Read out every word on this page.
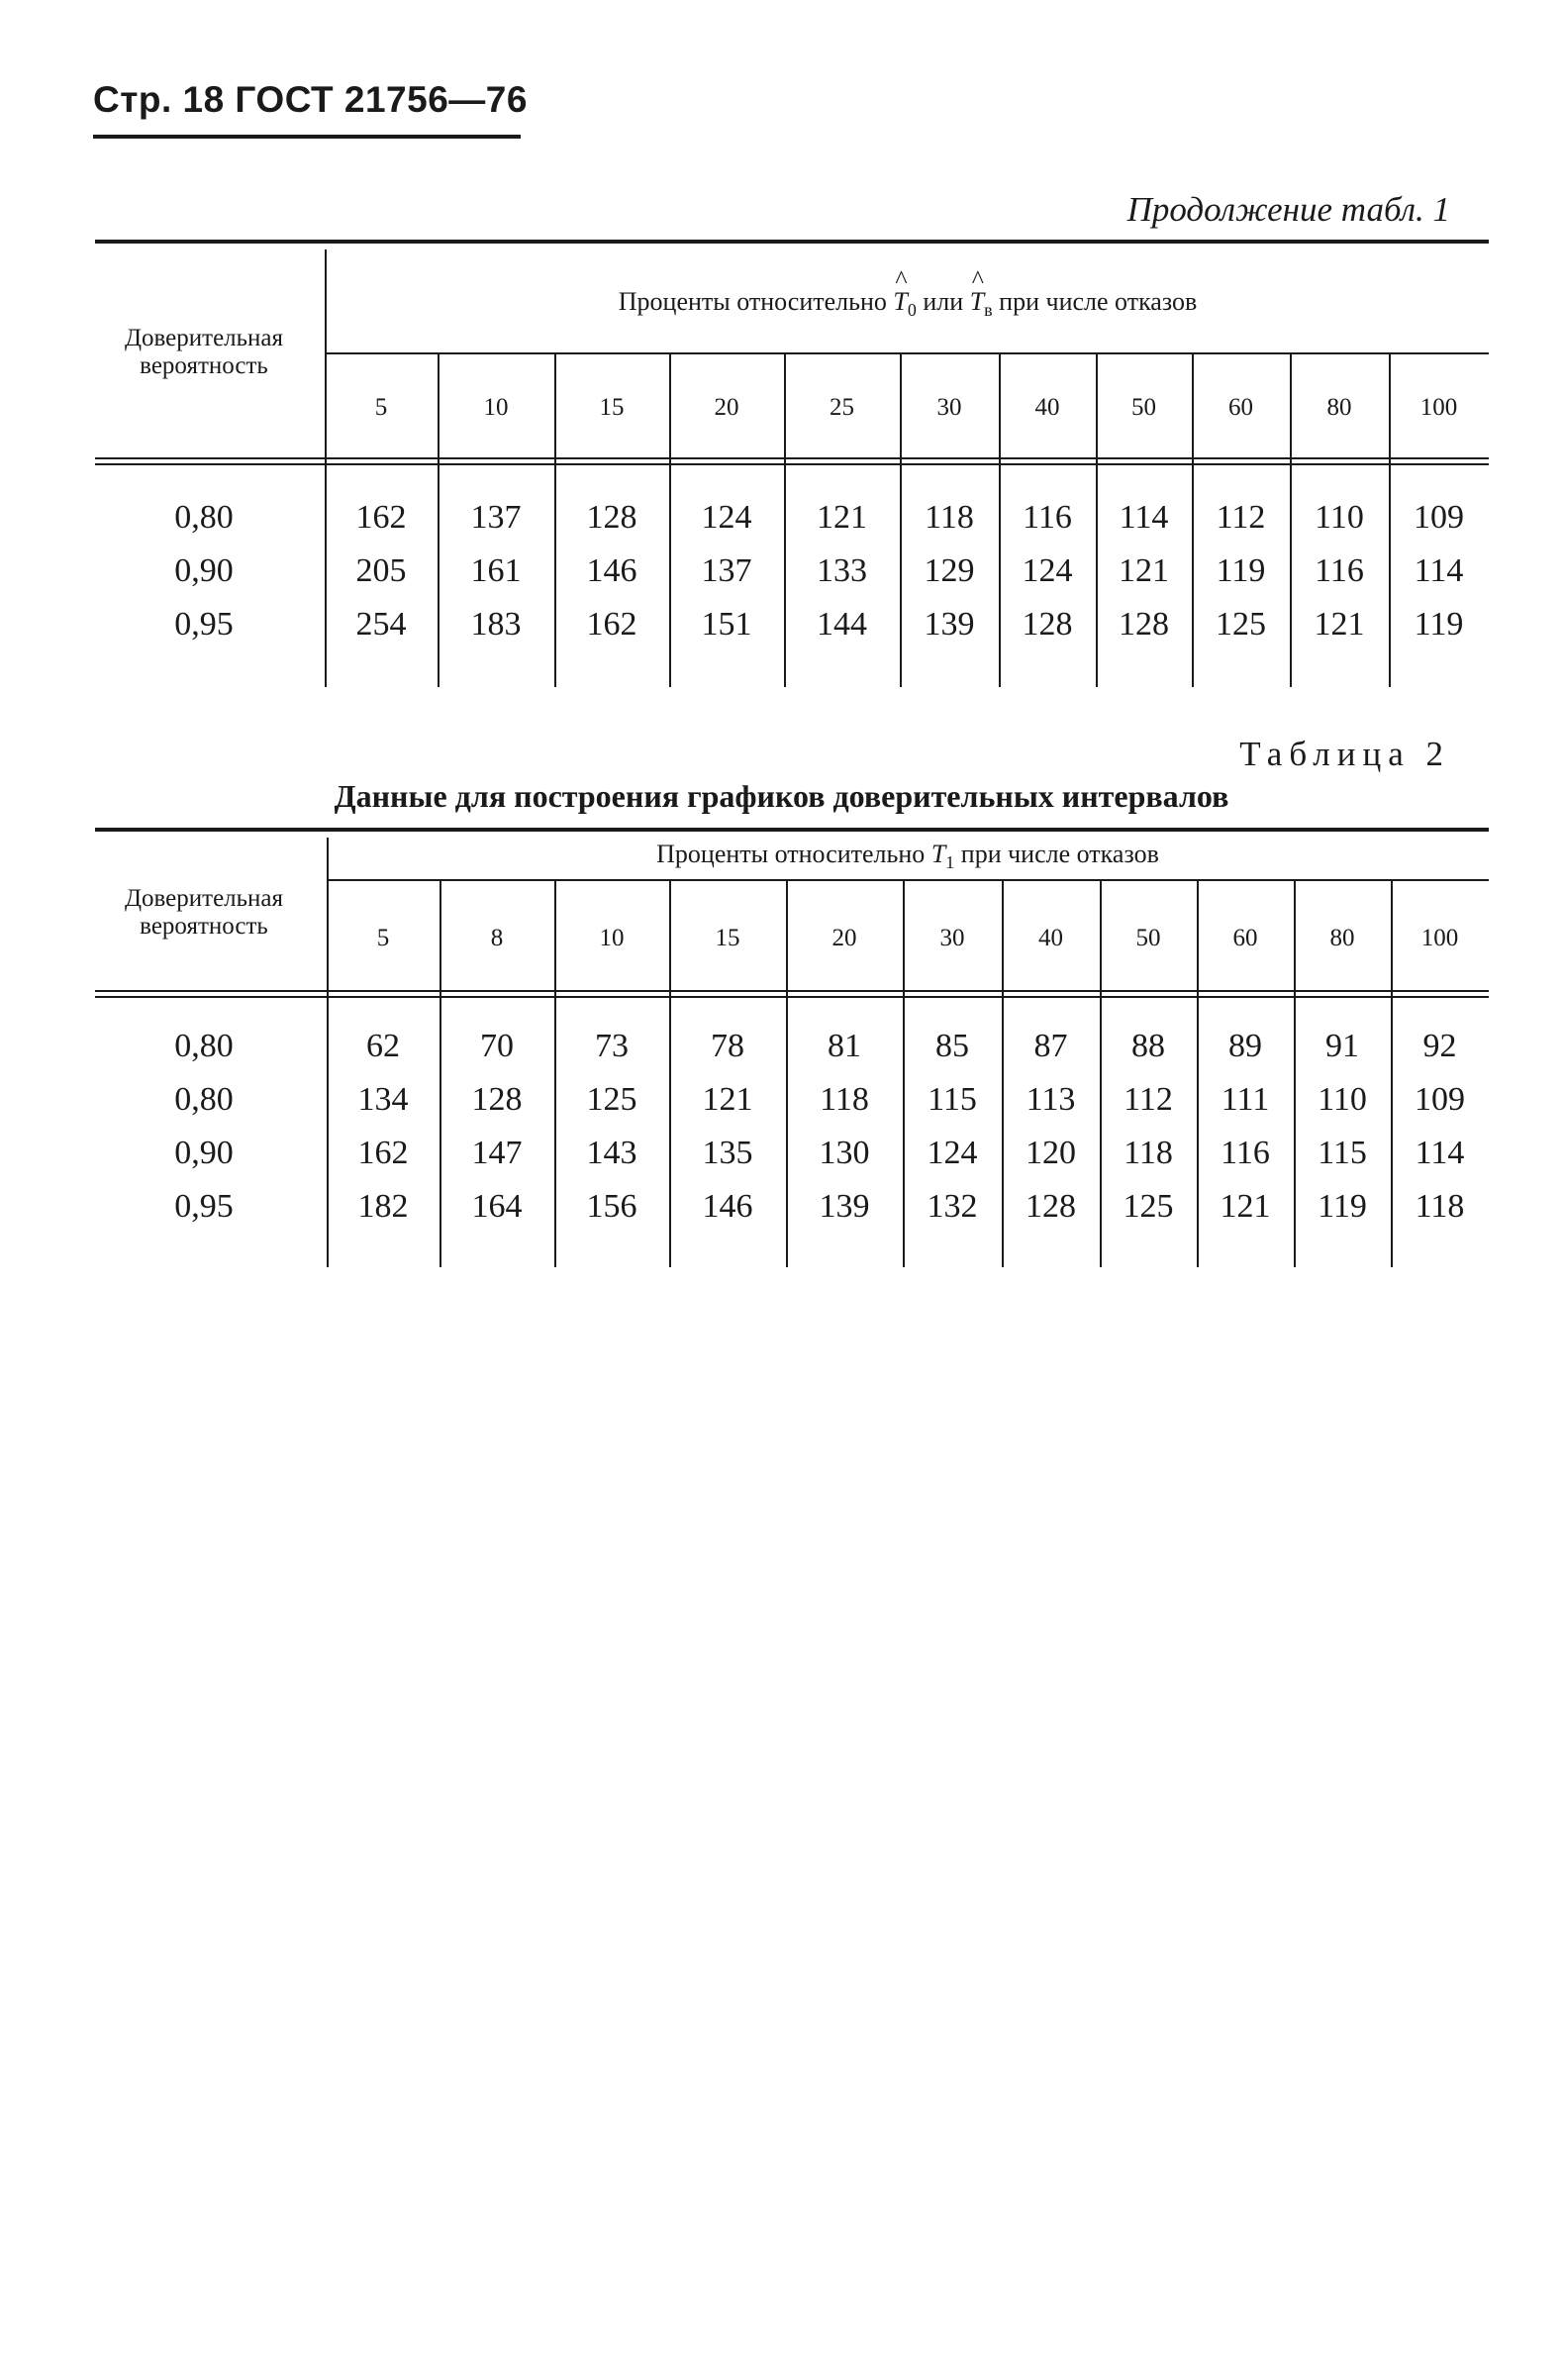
Стр. 18 ГОСТ 21756—76
Продолжение табл. 1
Доверительная
вероятность
Проценты относительно
^
$T_0$ или
^
$T_в$ при числе отказов
5	10	15	20	25	30	40	50	60	80	100
0,80	162	137	128	124	121	118	116	114	112	110	109
0,90	205	161	146	137	133	129	124	121	119	116	114
0,95	254	183	162	151	144	139	128	128	125	121	119
Таблица 2
Данные для построения графиков доверительных интервалов
Доверительная
вероятность
Проценты относительно $T_1$ при числе отказов
5	8	10	15	20	30	40	50	60	80	100
0,80	62	70	73	78	81	85	87	88	89	91	92
0,80	134	128	125	121	118	115	113	112	111	110	109
0,90	162	147	143	135	130	124	120	118	116	115	114
0,95	182	164	156	146	139	132	128	125	121	119	118
